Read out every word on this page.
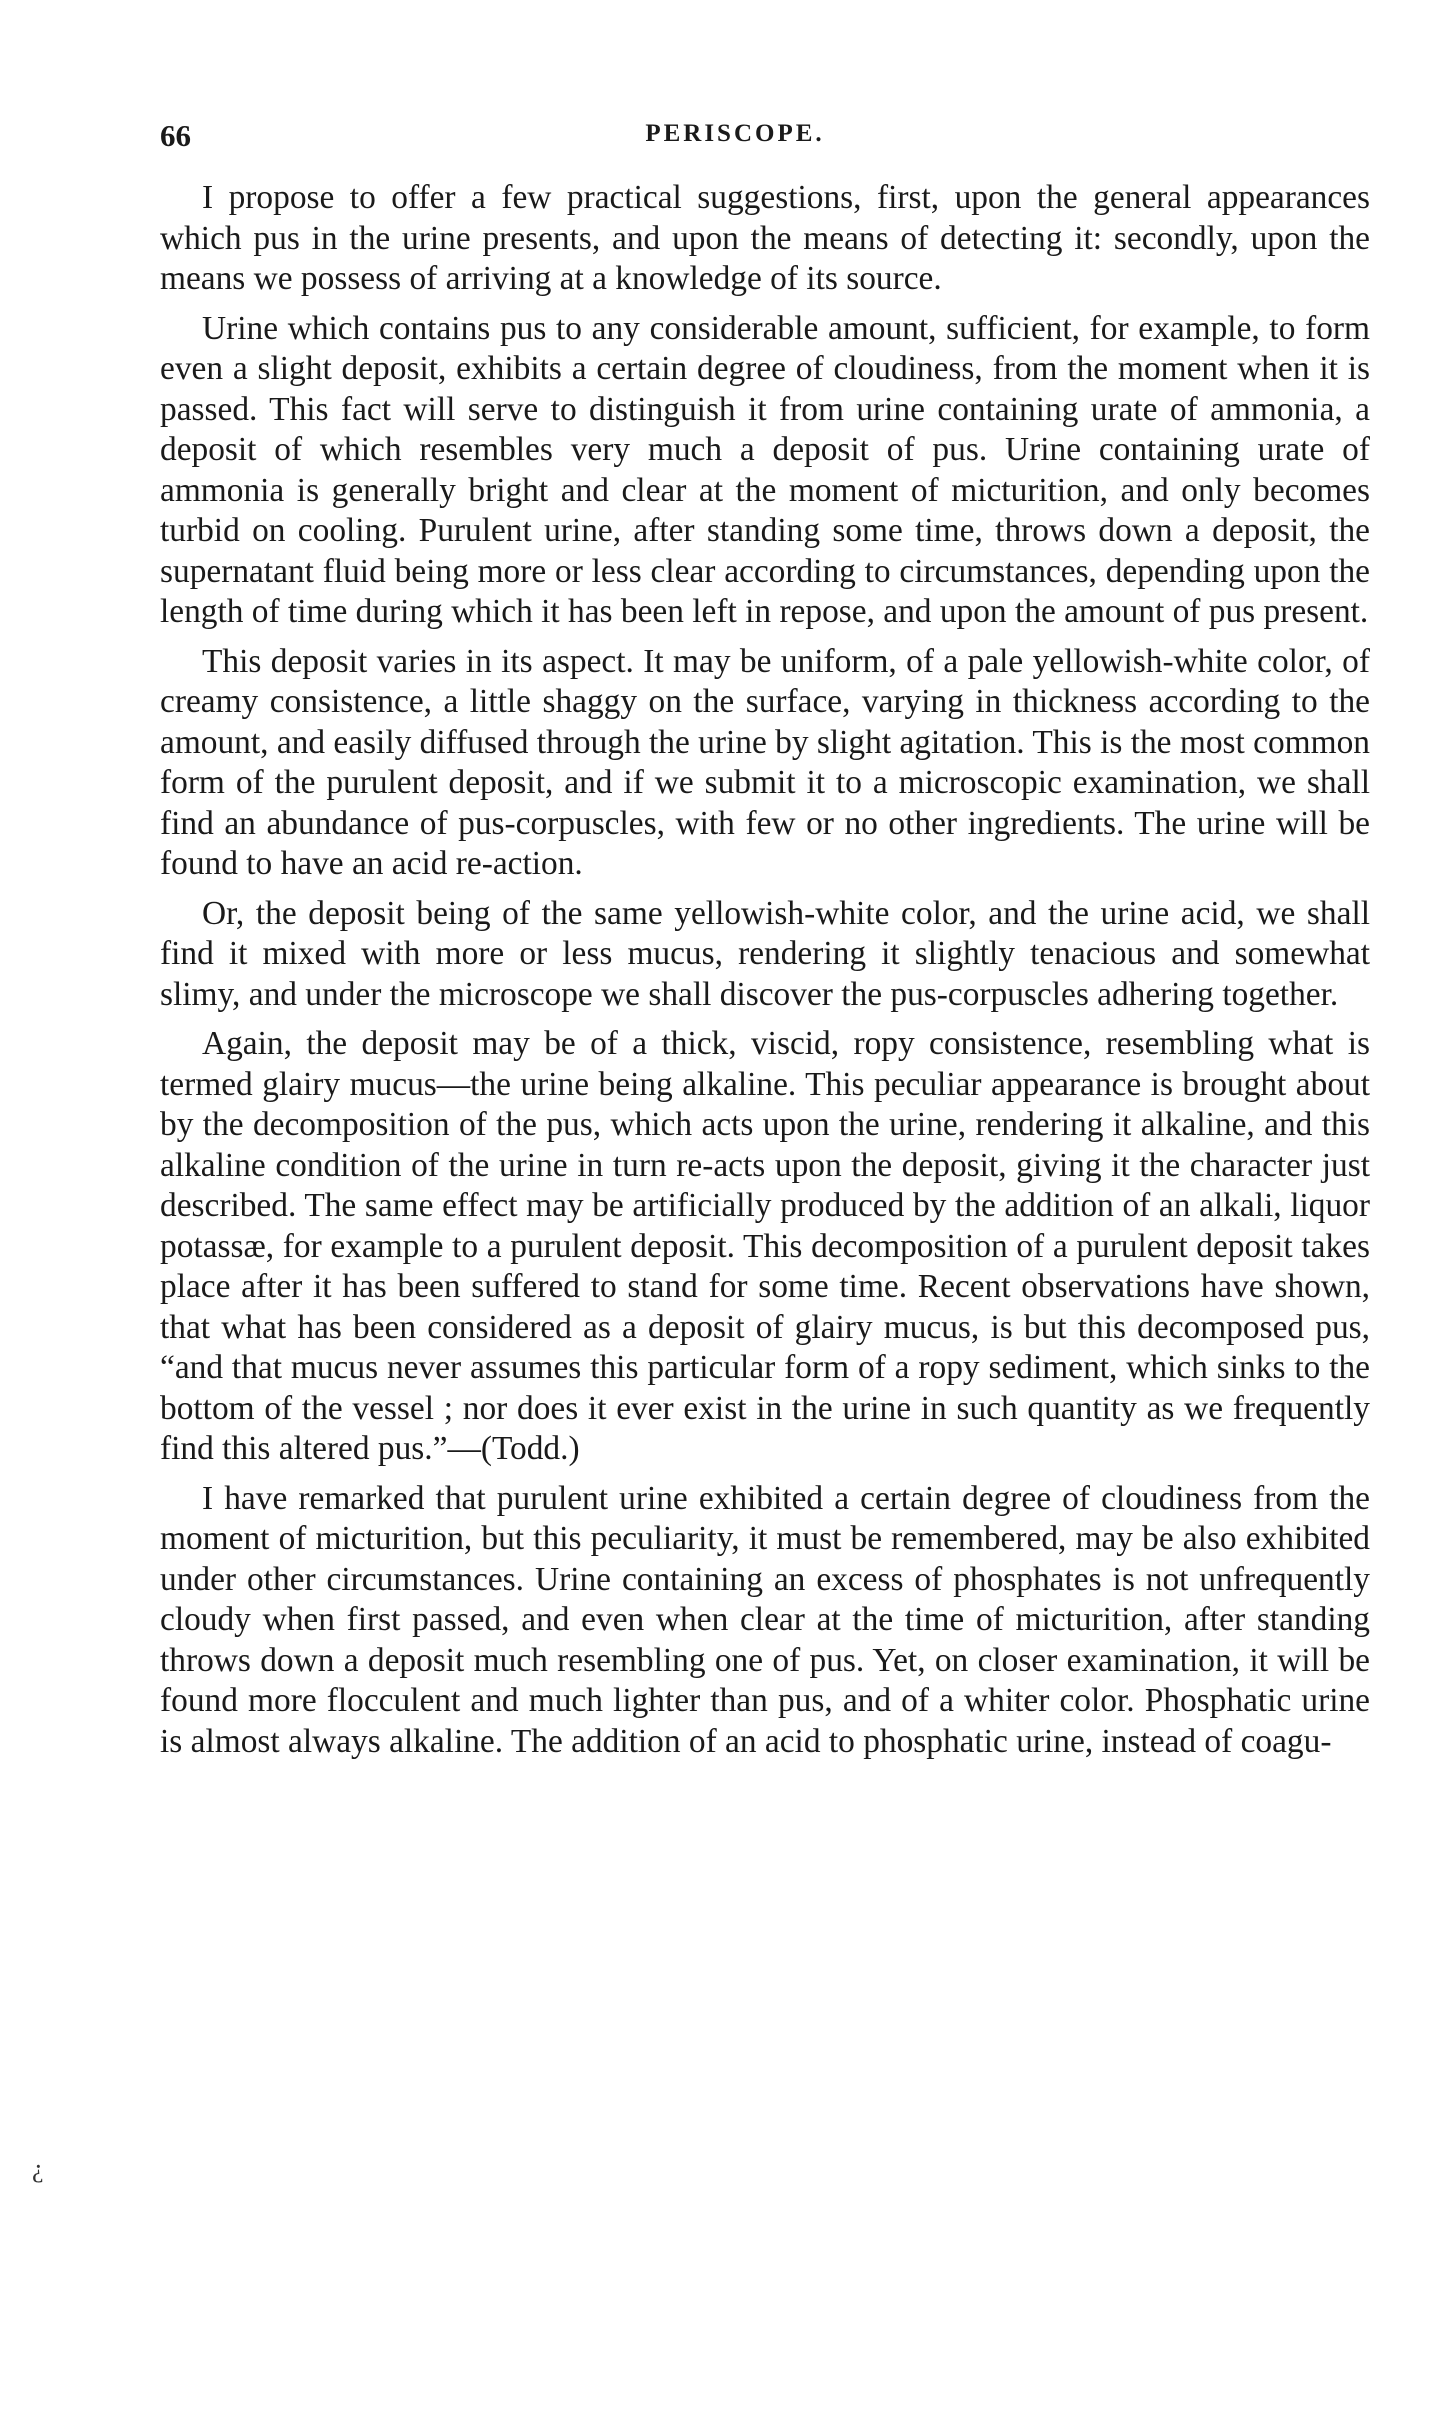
66	PERISCOPE.

I propose to offer a few practical suggestions, first, upon the general appearances which pus in the urine presents, and upon the means of detecting it: secondly, upon the means we possess of arriving at a knowledge of its source.

Urine which contains pus to any considerable amount, sufficient, for example, to form even a slight deposit, exhibits a certain degree of cloudiness, from the moment when it is passed. This fact will serve to distinguish it from urine containing urate of ammonia, a deposit of which resembles very much a deposit of pus. Urine containing urate of ammonia is generally bright and clear at the moment of micturition, and only becomes turbid on cooling. Purulent urine, after standing some time, throws down a deposit, the supernatant fluid being more or less clear according to circumstances, depending upon the length of time during which it has been left in repose, and upon the amount of pus present.

This deposit varies in its aspect. It may be uniform, of a pale yellowish-white color, of creamy consistence, a little shaggy on the surface, varying in thickness according to the amount, and easily diffused through the urine by slight agitation. This is the most common form of the purulent deposit, and if we submit it to a microscopic examination, we shall find an abundance of pus-corpuscles, with few or no other ingredients. The urine will be found to have an acid re-action.

Or, the deposit being of the same yellowish-white color, and the urine acid, we shall find it mixed with more or less mucus, rendering it slightly tenacious and somewhat slimy, and under the microscope we shall discover the pus-corpuscles adhering together.

Again, the deposit may be of a thick, viscid, ropy consistence, resembling what is termed glairy mucus—the urine being alkaline. This peculiar appearance is brought about by the decomposition of the pus, which acts upon the urine, rendering it alkaline, and this alkaline condition of the urine in turn re-acts upon the deposit, giving it the character just described. The same effect may be artificially produced by the addition of an alkali, liquor potassæ, for example to a purulent deposit. This decomposition of a purulent deposit takes place after it has been suffered to stand for some time. Recent observations have shown, that what has been considered as a deposit of glairy mucus, is but this decomposed pus, “and that mucus never assumes this particular form of a ropy sediment, which sinks to the bottom of the vessel ; nor does it ever exist in the urine in such quantity as we frequently find this altered pus.”—(Todd.)

I have remarked that purulent urine exhibited a certain degree of cloudiness from the moment of micturition, but this peculiarity, it must be remembered, may be also exhibited under other circumstances. Urine containing an excess of phosphates is not unfrequently cloudy when first passed, and even when clear at the time of micturition, after standing throws down a deposit much resembling one of pus. Yet, on closer examination, it will be found more flocculent and much lighter than pus, and of a whiter color. Phosphatic urine is almost always alkaline. The addition of an acid to phosphatic urine, instead of coagu-

¿
